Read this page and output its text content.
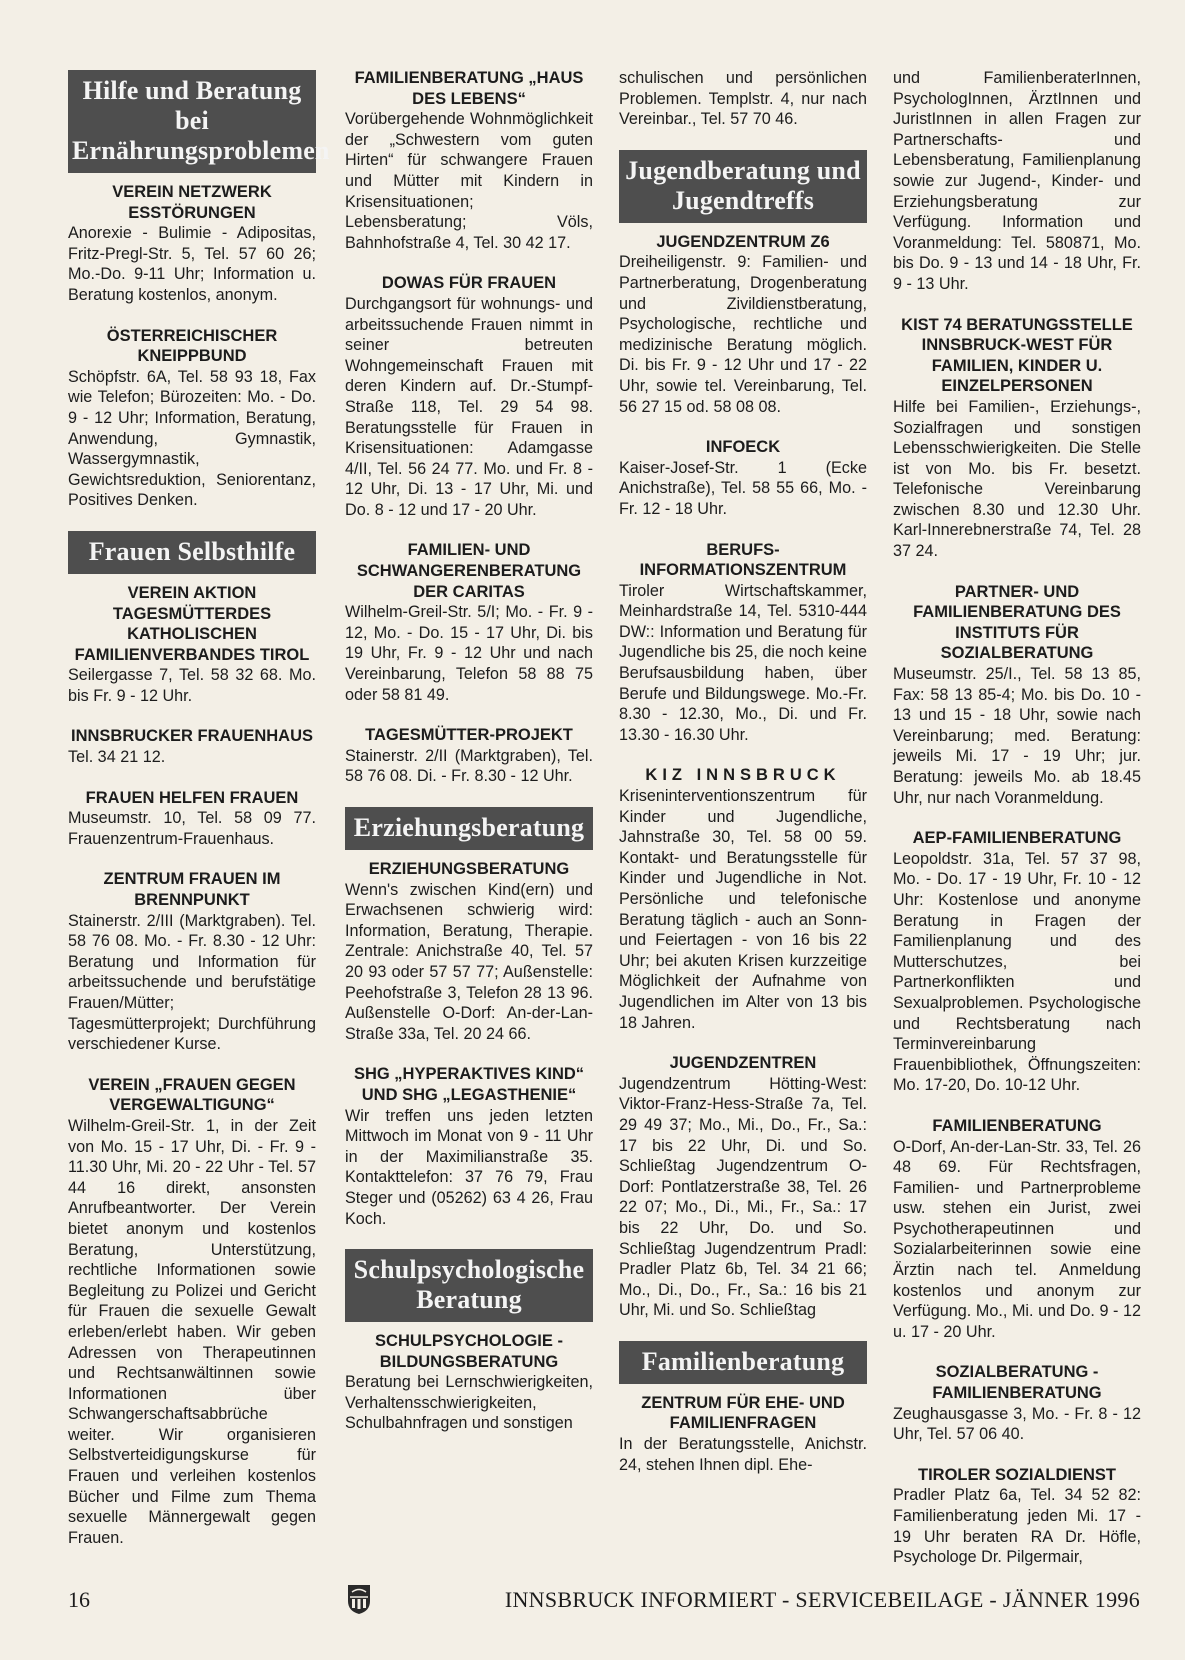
Hilfe und Beratung bei Ernährungsproblemen
VEREIN NETZWERK ESSTÖRUNGEN
Anorexie - Bulimie - Adipositas, Fritz-Pregl-Str. 5, Tel. 57 60 26; Mo.-Do. 9-11 Uhr; Information u. Beratung kostenlos, anonym.
ÖSTERREICHISCHER KNEIPPBUND
Schöpfstr. 6A, Tel. 58 93 18, Fax wie Telefon; Bürozeiten: Mo. - Do. 9 - 12 Uhr; Information, Beratung, Anwendung, Gymnastik, Wassergymnastik, Gewichtsreduktion, Seniorentanz, Positives Denken.
Frauen Selbsthilfe
VEREIN AKTION TAGESMÜTTERDES KATHOLISCHEN FAMILIENVERBANDES TIROL
Seilergasse 7, Tel. 58 32 68. Mo. bis Fr. 9 - 12 Uhr.
INNSBRUCKER FRAUENHAUS
Tel. 34 21 12.
FRAUEN HELFEN FRAUEN
Museumstr. 10, Tel. 58 09 77. Frauenzentrum-Frauenhaus.
ZENTRUM FRAUEN IM BRENNPUNKT
Stainerstr. 2/III (Marktgraben). Tel. 58 76 08. Mo. - Fr. 8.30 - 12 Uhr: Beratung und Information für arbeitssuchende und berufstätige Frauen/Mütter; Tagesmütterprojekt; Durchführung verschiedener Kurse.
VEREIN „FRAUEN GEGEN VERGEWALTIGUNG“
Wilhelm-Greil-Str. 1, in der Zeit von Mo. 15 - 17 Uhr, Di. - Fr. 9 - 11.30 Uhr, Mi. 20 - 22 Uhr - Tel. 57 44 16 direkt, ansonsten Anrufbeantworter. Der Verein bietet anonym und kostenlos Beratung, Unterstützung, rechtliche Informationen sowie Begleitung zu Polizei und Gericht für Frauen die sexuelle Gewalt erleben/erlebt haben. Wir geben Adressen von Therapeutinnen und Rechtsanwältinnen sowie Informationen über Schwangerschaftsabbrüche weiter. Wir organisieren Selbstverteidigungskurse für Frauen und verleihen kostenlos Bücher und Filme zum Thema sexuelle Männergewalt gegen Frauen.
FAMILIENBERATUNG „HAUS DES LEBENS“
Vorübergehende Wohnmöglichkeit der „Schwestern vom guten Hirten“ für schwangere Frauen und Mütter mit Kindern in Krisensituationen; Lebensberatung; Völs, Bahnhofstraße 4, Tel. 30 42 17.
DOWAS FÜR FRAUEN
Durchgangsort für wohnungs- und arbeitssuchende Frauen nimmt in seiner betreuten Wohngemeinschaft Frauen mit deren Kindern auf. Dr.-Stumpf-Straße 118, Tel. 29 54 98. Beratungsstelle für Frauen in Krisensituationen: Adamgasse 4/II, Tel. 56 24 77. Mo. und Fr. 8 - 12 Uhr, Di. 13 - 17 Uhr, Mi. und Do. 8 - 12 und 17 - 20 Uhr.
FAMILIEN- UND SCHWANGERENBERATUNG DER CARITAS
Wilhelm-Greil-Str. 5/I; Mo. - Fr. 9 - 12, Mo. - Do. 15 - 17 Uhr, Di. bis 19 Uhr, Fr. 9 - 12 Uhr und nach Vereinbarung, Telefon 58 88 75 oder 58 81 49.
TAGESMÜTTER-PROJEKT
Stainerstr. 2/II (Marktgraben), Tel. 58 76 08. Di. - Fr. 8.30 - 12 Uhr.
Erziehungsberatung
ERZIEHUNGSBERATUNG
Wenn's zwischen Kind(ern) und Erwachsenen schwierig wird: Information, Beratung, Therapie. Zentrale: Anichstraße 40, Tel. 57 20 93 oder 57 57 77; Außenstelle: Peehofstraße 3, Telefon 28 13 96. Außenstelle O-Dorf: An-der-Lan-Straße 33a, Tel. 20 24 66.
SHG „HYPERAKTIVES KIND“ UND SHG „LEGASTHENIE“
Wir treffen uns jeden letzten Mittwoch im Monat von 9 - 11 Uhr in der Maximilianstraße 35. Kontakttelefon: 37 76 79, Frau Steger und (05262) 63 4 26, Frau Koch.
Schulpsychologische Beratung
SCHULPSYCHOLOGIE - BILDUNGSBERATUNG
Beratung bei Lernschwierigkeiten, Verhaltensschwierigkeiten, Schulbahnfragen und sonstigen
schulischen und persönlichen Problemen. Templstr. 4, nur nach Vereinbar., Tel. 57 70 46.
Jugendberatung und Jugendtreffs
JUGENDZENTRUM Z6
Dreiheiligenstr. 9: Familien- und Partnerberatung, Drogenberatung und Zivildienstberatung, Psychologische, rechtliche und medizinische Beratung möglich. Di. bis Fr. 9 - 12 Uhr und 17 - 22 Uhr, sowie tel. Vereinbarung, Tel. 56 27 15 od. 58 08 08.
INFOECK
Kaiser-Josef-Str. 1 (Ecke Anichstraße), Tel. 58 55 66, Mo. - Fr. 12 - 18 Uhr.
BERUFS-INFORMATIONSZENTRUM
Tiroler Wirtschaftskammer, Meinhardstraße 14, Tel. 5310-444 DW:: Information und Beratung für Jugendliche bis 25, die noch keine Berufsausbildung haben, über Berufe und Bildungswege. Mo.-Fr. 8.30 - 12.30, Mo., Di. und Fr. 13.30 - 16.30 Uhr.
KIZ INNSBRUCK
Kriseninterventionszentrum für Kinder und Jugendliche, Jahnstraße 30, Tel. 58 00 59. Kontakt- und Beratungsstelle für Kinder und Jugendliche in Not. Persönliche und telefonische Beratung täglich - auch an Sonn- und Feiertagen - von 16 bis 22 Uhr; bei akuten Krisen kurzzeitige Möglichkeit der Aufnahme von Jugendlichen im Alter von 13 bis 18 Jahren.
JUGENDZENTREN
Jugendzentrum Hötting-West: Viktor-Franz-Hess-Straße 7a, Tel. 29 49 37; Mo., Mi., Do., Fr., Sa.: 17 bis 22 Uhr, Di. und So. Schließtag Jugendzentrum O-Dorf: Pontlatzerstraße 38, Tel. 26 22 07; Mo., Di., Mi., Fr., Sa.: 17 bis 22 Uhr, Do. und So. Schließtag Jugendzentrum Pradl: Pradler Platz 6b, Tel. 34 21 66; Mo., Di., Do., Fr., Sa.: 16 bis 21 Uhr, Mi. und So. Schließtag
Familienberatung
ZENTRUM FÜR EHE- UND FAMILIENFRAGEN
In der Beratungsstelle, Anichstr. 24, stehen Ihnen dipl. Ehe-
und FamilienberaterInnen, PsychologInnen, ÄrztInnen und JuristInnen in allen Fragen zur Partnerschafts- und Lebensberatung, Familienplanung sowie zur Jugend-, Kinder- und Erziehungsberatung zur Verfügung. Information und Voranmeldung: Tel. 580871, Mo. bis Do. 9 - 13 und 14 - 18 Uhr, Fr. 9 - 13 Uhr.
KIST 74 BERATUNGSSTELLE INNSBRUCK-WEST FÜR FAMILIEN, KINDER U. EINZELPERSONEN
Hilfe bei Familien-, Erziehungs-, Sozialfragen und sonstigen Lebensschwierigkeiten. Die Stelle ist von Mo. bis Fr. besetzt. Telefonische Vereinbarung zwischen 8.30 und 12.30 Uhr. Karl-Innerebnerstraße 74, Tel. 28 37 24.
PARTNER- UND FAMILIENBERATUNG DES INSTITUTS FÜR SOZIALBERATUNG
Museumstr. 25/I., Tel. 58 13 85, Fax: 58 13 85-4; Mo. bis Do. 10 - 13 und 15 - 18 Uhr, sowie nach Vereinbarung; med. Beratung: jeweils Mi. 17 - 19 Uhr; jur. Beratung: jeweils Mo. ab 18.45 Uhr, nur nach Voranmeldung.
AEP-FAMILIENBERATUNG
Leopoldstr. 31a, Tel. 57 37 98, Mo. - Do. 17 - 19 Uhr, Fr. 10 - 12 Uhr: Kostenlose und anonyme Beratung in Fragen der Familienplanung und des Mutterschutzes, bei Partnerkonflikten und Sexualproblemen. Psychologische und Rechtsberatung nach Terminvereinbarung Frauenbibliothek, Öffnungszeiten: Mo. 17-20, Do. 10-12 Uhr.
FAMILIENBERATUNG
O-Dorf, An-der-Lan-Str. 33, Tel. 26 48 69. Für Rechtsfragen, Familien- und Partnerprobleme usw. stehen ein Jurist, zwei Psychotherapeutinnen und Sozialarbeiterinnen sowie eine Ärztin nach tel. Anmeldung kostenlos und anonym zur Verfügung. Mo., Mi. und Do. 9 - 12 u. 17 - 20 Uhr.
SOZIALBERATUNG - FAMILIENBERATUNG
Zeughausgasse 3, Mo. - Fr. 8 - 12 Uhr, Tel. 57 06 40.
TIROLER SOZIALDIENST
Pradler Platz 6a, Tel. 34 52 82: Familienberatung jeden Mi. 17 - 19 Uhr beraten RA Dr. Höfle, Psychologe Dr. Pilgermair,
16	INNSBRUCK INFORMIERT - SERVICEBEILAGE - JÄNNER 1996
